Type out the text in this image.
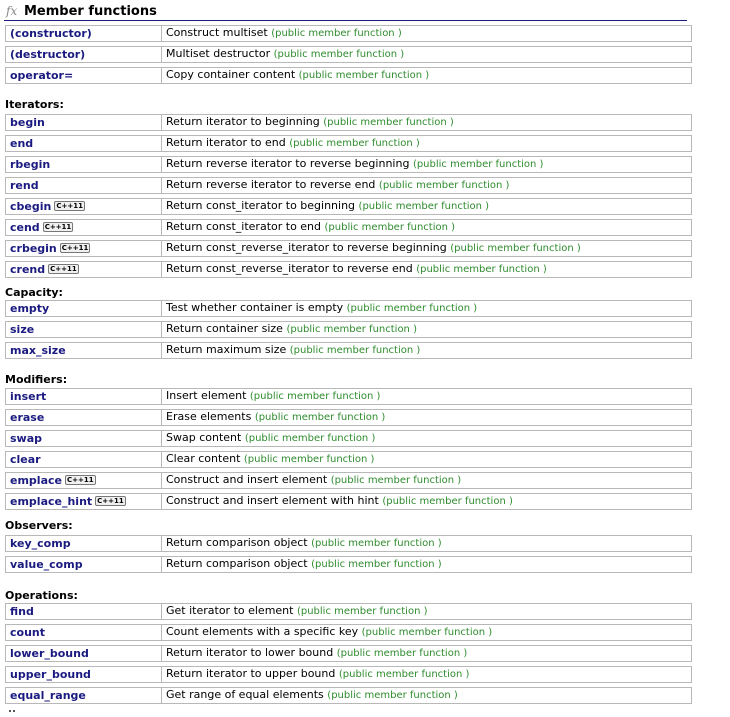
fx Member functions
(constructor)	Construct multiset (public member function )
(destructor)	Multiset destructor (public member function )
operator=	Copy container content (public member function )
Iterators:
begin	Return iterator to beginning (public member function )
end	Return iterator to end (public member function )
rbegin	Return reverse iterator to reverse beginning (public member function )
rend	Return reverse iterator to reverse end (public member function )
cbegin C++11	Return const_iterator to beginning (public member function )
cend C++11	Return const_iterator to end (public member function )
crbegin C++11	Return const_reverse_iterator to reverse beginning (public member function )
crend C++11	Return const_reverse_iterator to reverse end (public member function )
Capacity:
empty	Test whether container is empty (public member function )
size	Return container size (public member function )
max_size	Return maximum size (public member function )
Modifiers:
insert	Insert element (public member function )
erase	Erase elements (public member function )
swap	Swap content (public member function )
clear	Clear content (public member function )
emplace C++11	Construct and insert element (public member function )
emplace_hint C++11	Construct and insert element with hint (public member function )
Observers:
key_comp	Return comparison object (public member function )
value_comp	Return comparison object (public member function )
Operations:
find	Get iterator to element (public member function )
count	Count elements with a specific key (public member function )
lower_bound	Return iterator to lower bound (public member function )
upper_bound	Return iterator to upper bound (public member function )
equal_range	Get range of equal elements (public member function )
